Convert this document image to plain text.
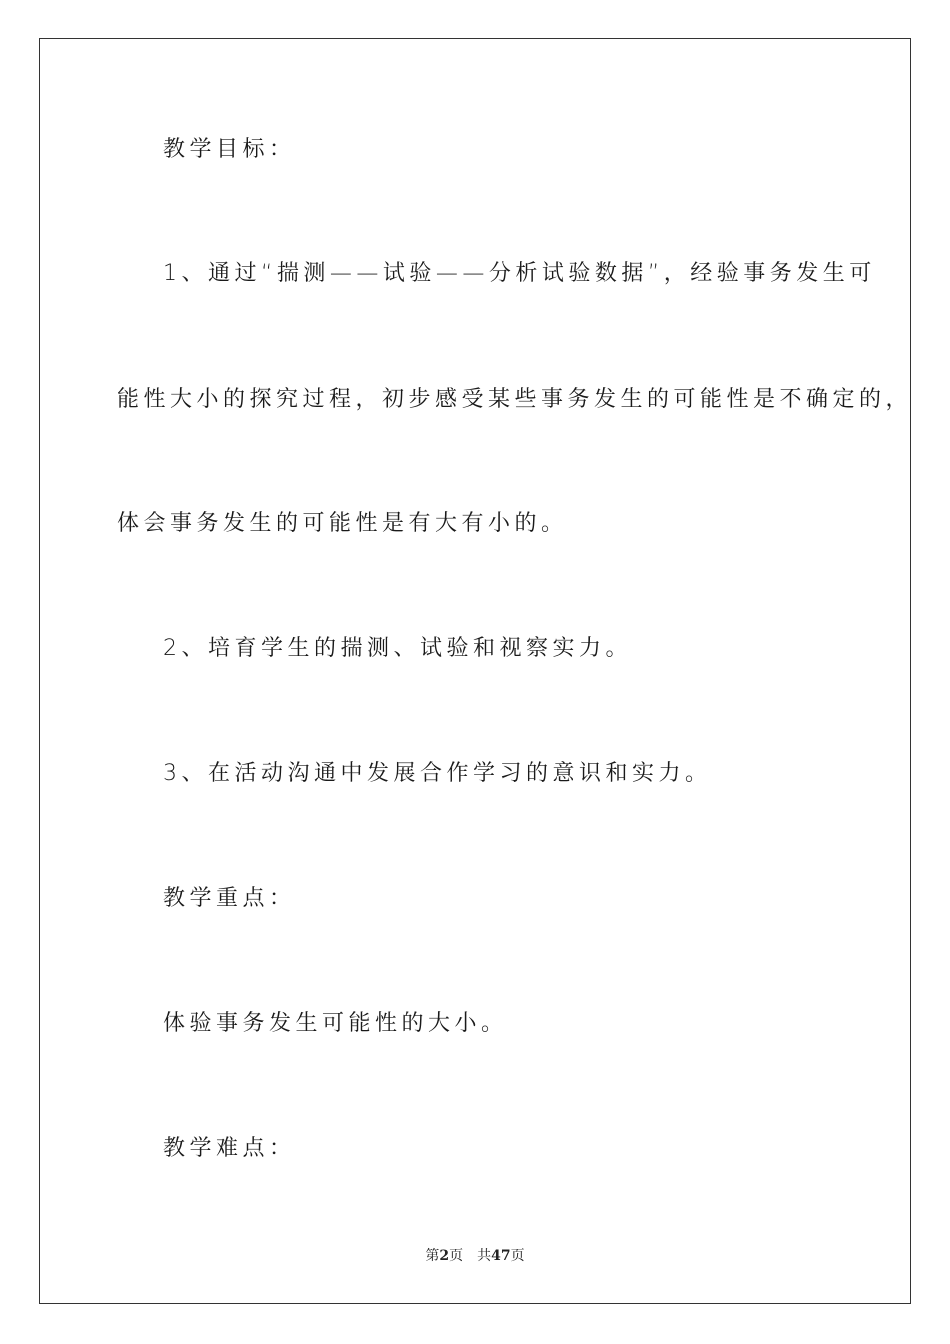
教学目标：
1、通过“揣测——试验——分析试验数据”，经验事务发生可
能性大小的探究过程，初步感受某些事务发生的可能性是不确定的，
体会事务发生的可能性是有大有小的。
2、培育学生的揣测、试验和视察实力。
3、在活动沟通中发展合作学习的意识和实力。
教学重点：
体验事务发生可能性的大小。
教学难点：
第2页 共47页
